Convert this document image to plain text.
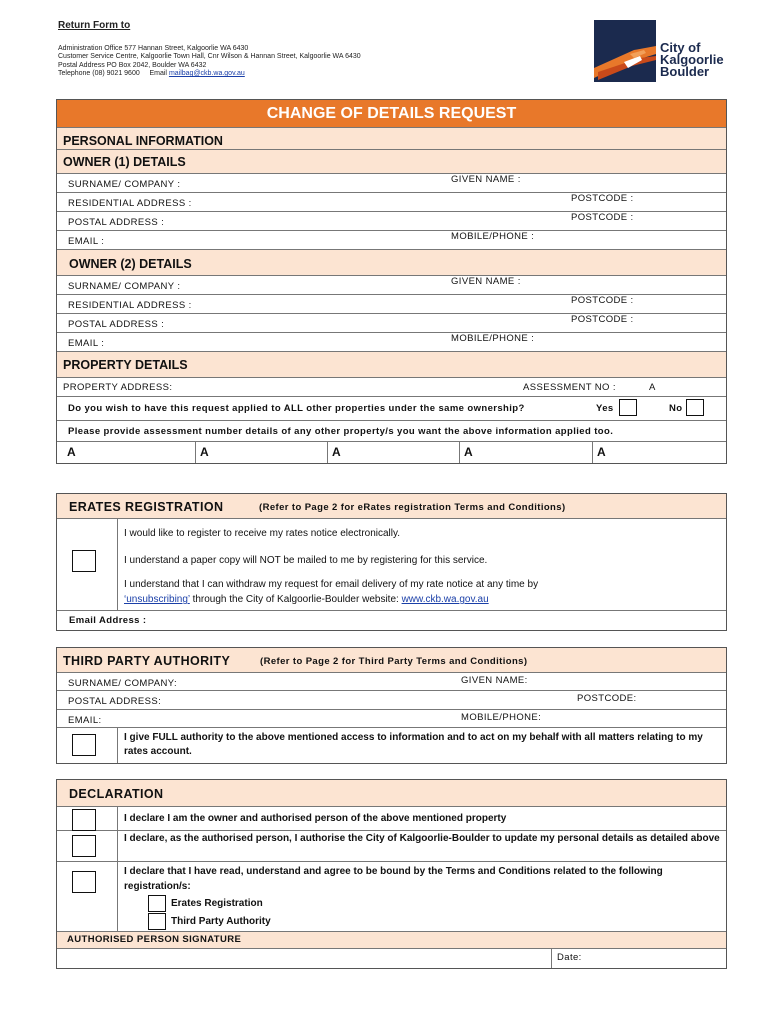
Return Form to
Administration Office 577 Hannan Street, Kalgoorlie WA 6430
Customer Service Centre, Kalgoorlie Town Hall, Cnr Wilson & Hannan Street, Kalgoorlie WA 6430
Postal Address PO Box 2042, Boulder WA 6432
Telephone (08) 9021 9600 Email mailbag@ckb.wa.gov.au
City of
Kalgoorlie
Boulder
CHANGE OF DETAILS REQUEST
PERSONAL INFORMATION
OWNER (1) DETAILS
SURNAME/ COMPANY :	GIVEN NAME :
RESIDENTIAL ADDRESS :	POSTCODE :
POSTAL ADDRESS :	POSTCODE :
EMAIL :	MOBILE/PHONE :
OWNER (2) DETAILS
SURNAME/ COMPANY :	GIVEN NAME :
RESIDENTIAL ADDRESS :	POSTCODE :
POSTAL ADDRESS :	POSTCODE :
EMAIL :	MOBILE/PHONE :
PROPERTY DETAILS
PROPERTY ADDRESS:	ASSESSMENT NO :	A
Do you wish to have this request applied to ALL other properties under the same ownership?	Yes	No
Please provide assessment number details of any other property/s you want the above information applied too.
A	A	A	A	A
ERATES REGISTRATION	(Refer to Page 2 for eRates registration Terms and Conditions)
I would like to register to receive my rates notice electronically.
I understand a paper copy will NOT be mailed to me by registering for this service.
I understand that I can withdraw my request for email delivery of my rate notice at any time by
‘unsubscribing’ through the City of Kalgoorlie-Boulder website: www.ckb.wa.gov.au
Email Address :
THIRD PARTY AUTHORITY	(Refer to Page 2 for Third Party Terms and Conditions)
SURNAME/ COMPANY:	GIVEN NAME:
POSTAL ADDRESS:	POSTCODE:
EMAIL:	MOBILE/PHONE:
I give FULL authority to the above mentioned access to information and to act on my behalf with all matters relating to my rates account.
DECLARATION
I declare I am the owner and authorised person of the above mentioned property
I declare, as the authorised person, I authorise the City of Kalgoorlie-Boulder to update my personal details as detailed above
I declare that I have read, understand and agree to be bound by the Terms and Conditions related to the following registration/s:
Erates Registration
Third Party Authority
AUTHORISED PERSON SIGNATURE
Date:
